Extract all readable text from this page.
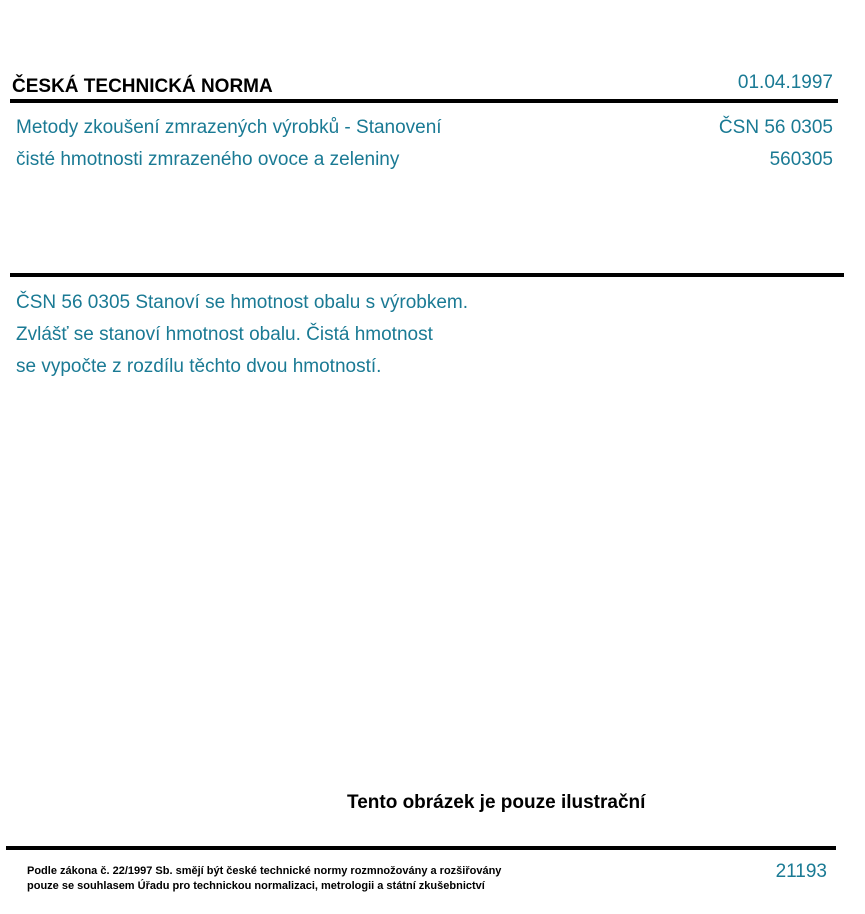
ČESKÁ TECHNICKÁ NORMA	01.04.1997
Metody zkoušení zmrazených výrobků - Stanovení
čisté hmotnosti zmrazeného ovoce a zeleniny
ČSN 56 0305
560305
ČSN 56 0305 Stanoví se hmotnost obalu s výrobkem.
Zvlášť se stanoví hmotnost obalu. Čistá hmotnost
se vypočte z rozdílu těchto dvou hmotností.
Tento obrázek je pouze ilustrační
Podle zákona č. 22/1997 Sb. smějí být české technické normy rozmnožovány a rozšiřovány
pouze se souhlasem Úřadu pro technickou normalizaci, metrologii a státní zkušebnictví
21193
